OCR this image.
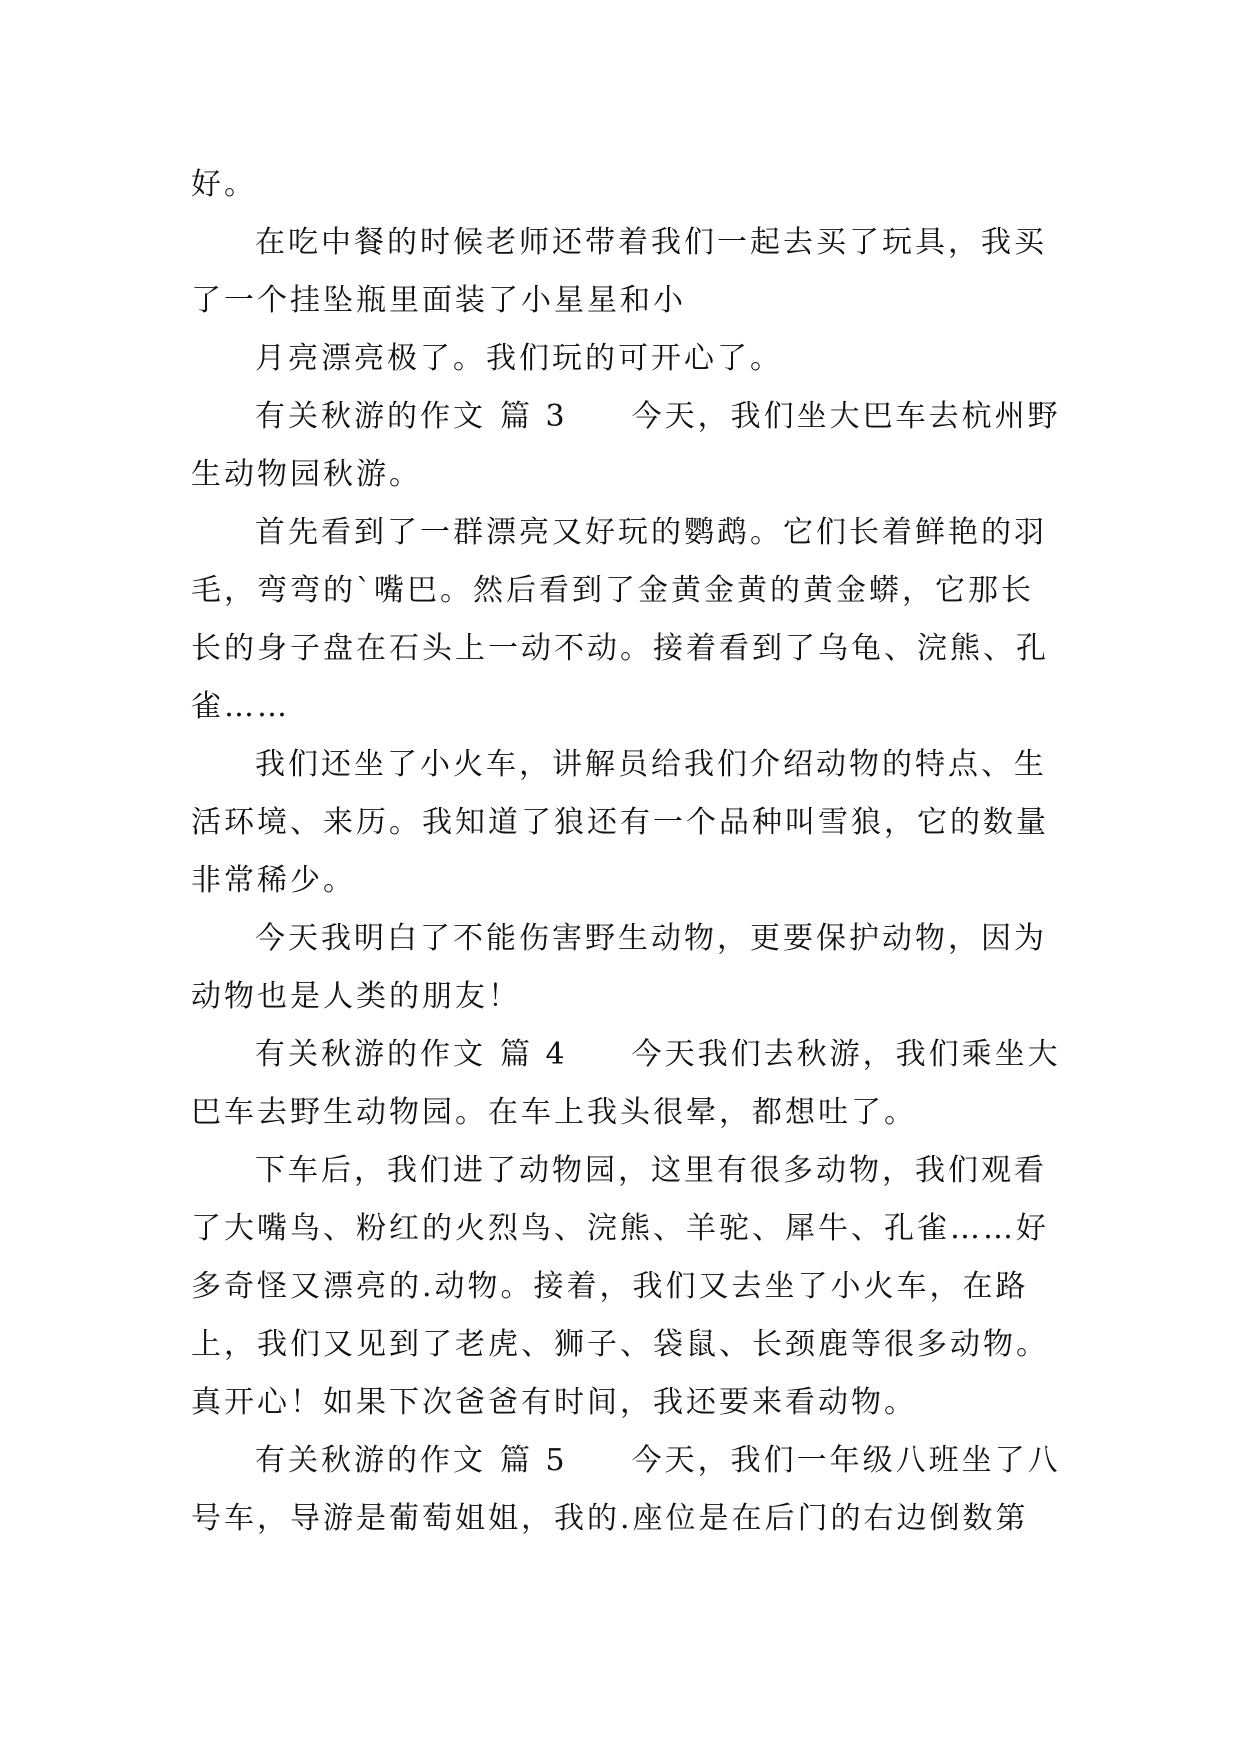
好。
在吃中餐的时候老师还带着我们一起去买了玩具，我买
了一个挂坠瓶里面装了小星星和小
月亮漂亮极了。我们玩的可开心了。
有关秋游的作文 篇 3 今天，我们坐大巴车去杭州野
生动物园秋游。
首先看到了一群漂亮又好玩的鹦鹉。它们长着鲜艳的羽
毛，弯弯的`嘴巴。然后看到了金黄金黄的黄金蟒，它那长
长的身子盘在石头上一动不动。接着看到了乌龟、浣熊、孔
雀……
我们还坐了小火车，讲解员给我们介绍动物的特点、生
活环境、来历。我知道了狼还有一个品种叫雪狼，它的数量
非常稀少。
今天我明白了不能伤害野生动物，更要保护动物，因为
动物也是人类的朋友！
有关秋游的作文 篇 4 今天我们去秋游，我们乘坐大
巴车去野生动物园。在车上我头很晕，都想吐了。
下车后，我们进了动物园，这里有很多动物，我们观看
了大嘴鸟、粉红的火烈鸟、浣熊、羊驼、犀牛、孔雀……好
多奇怪又漂亮的.动物。接着，我们又去坐了小火车，在路
上，我们又见到了老虎、狮子、袋鼠、长颈鹿等很多动物。
真开心！如果下次爸爸有时间，我还要来看动物。
有关秋游的作文 篇 5 今天，我们一年级八班坐了八
号车，导游是葡萄姐姐，我的.座位是在后门的右边倒数第
